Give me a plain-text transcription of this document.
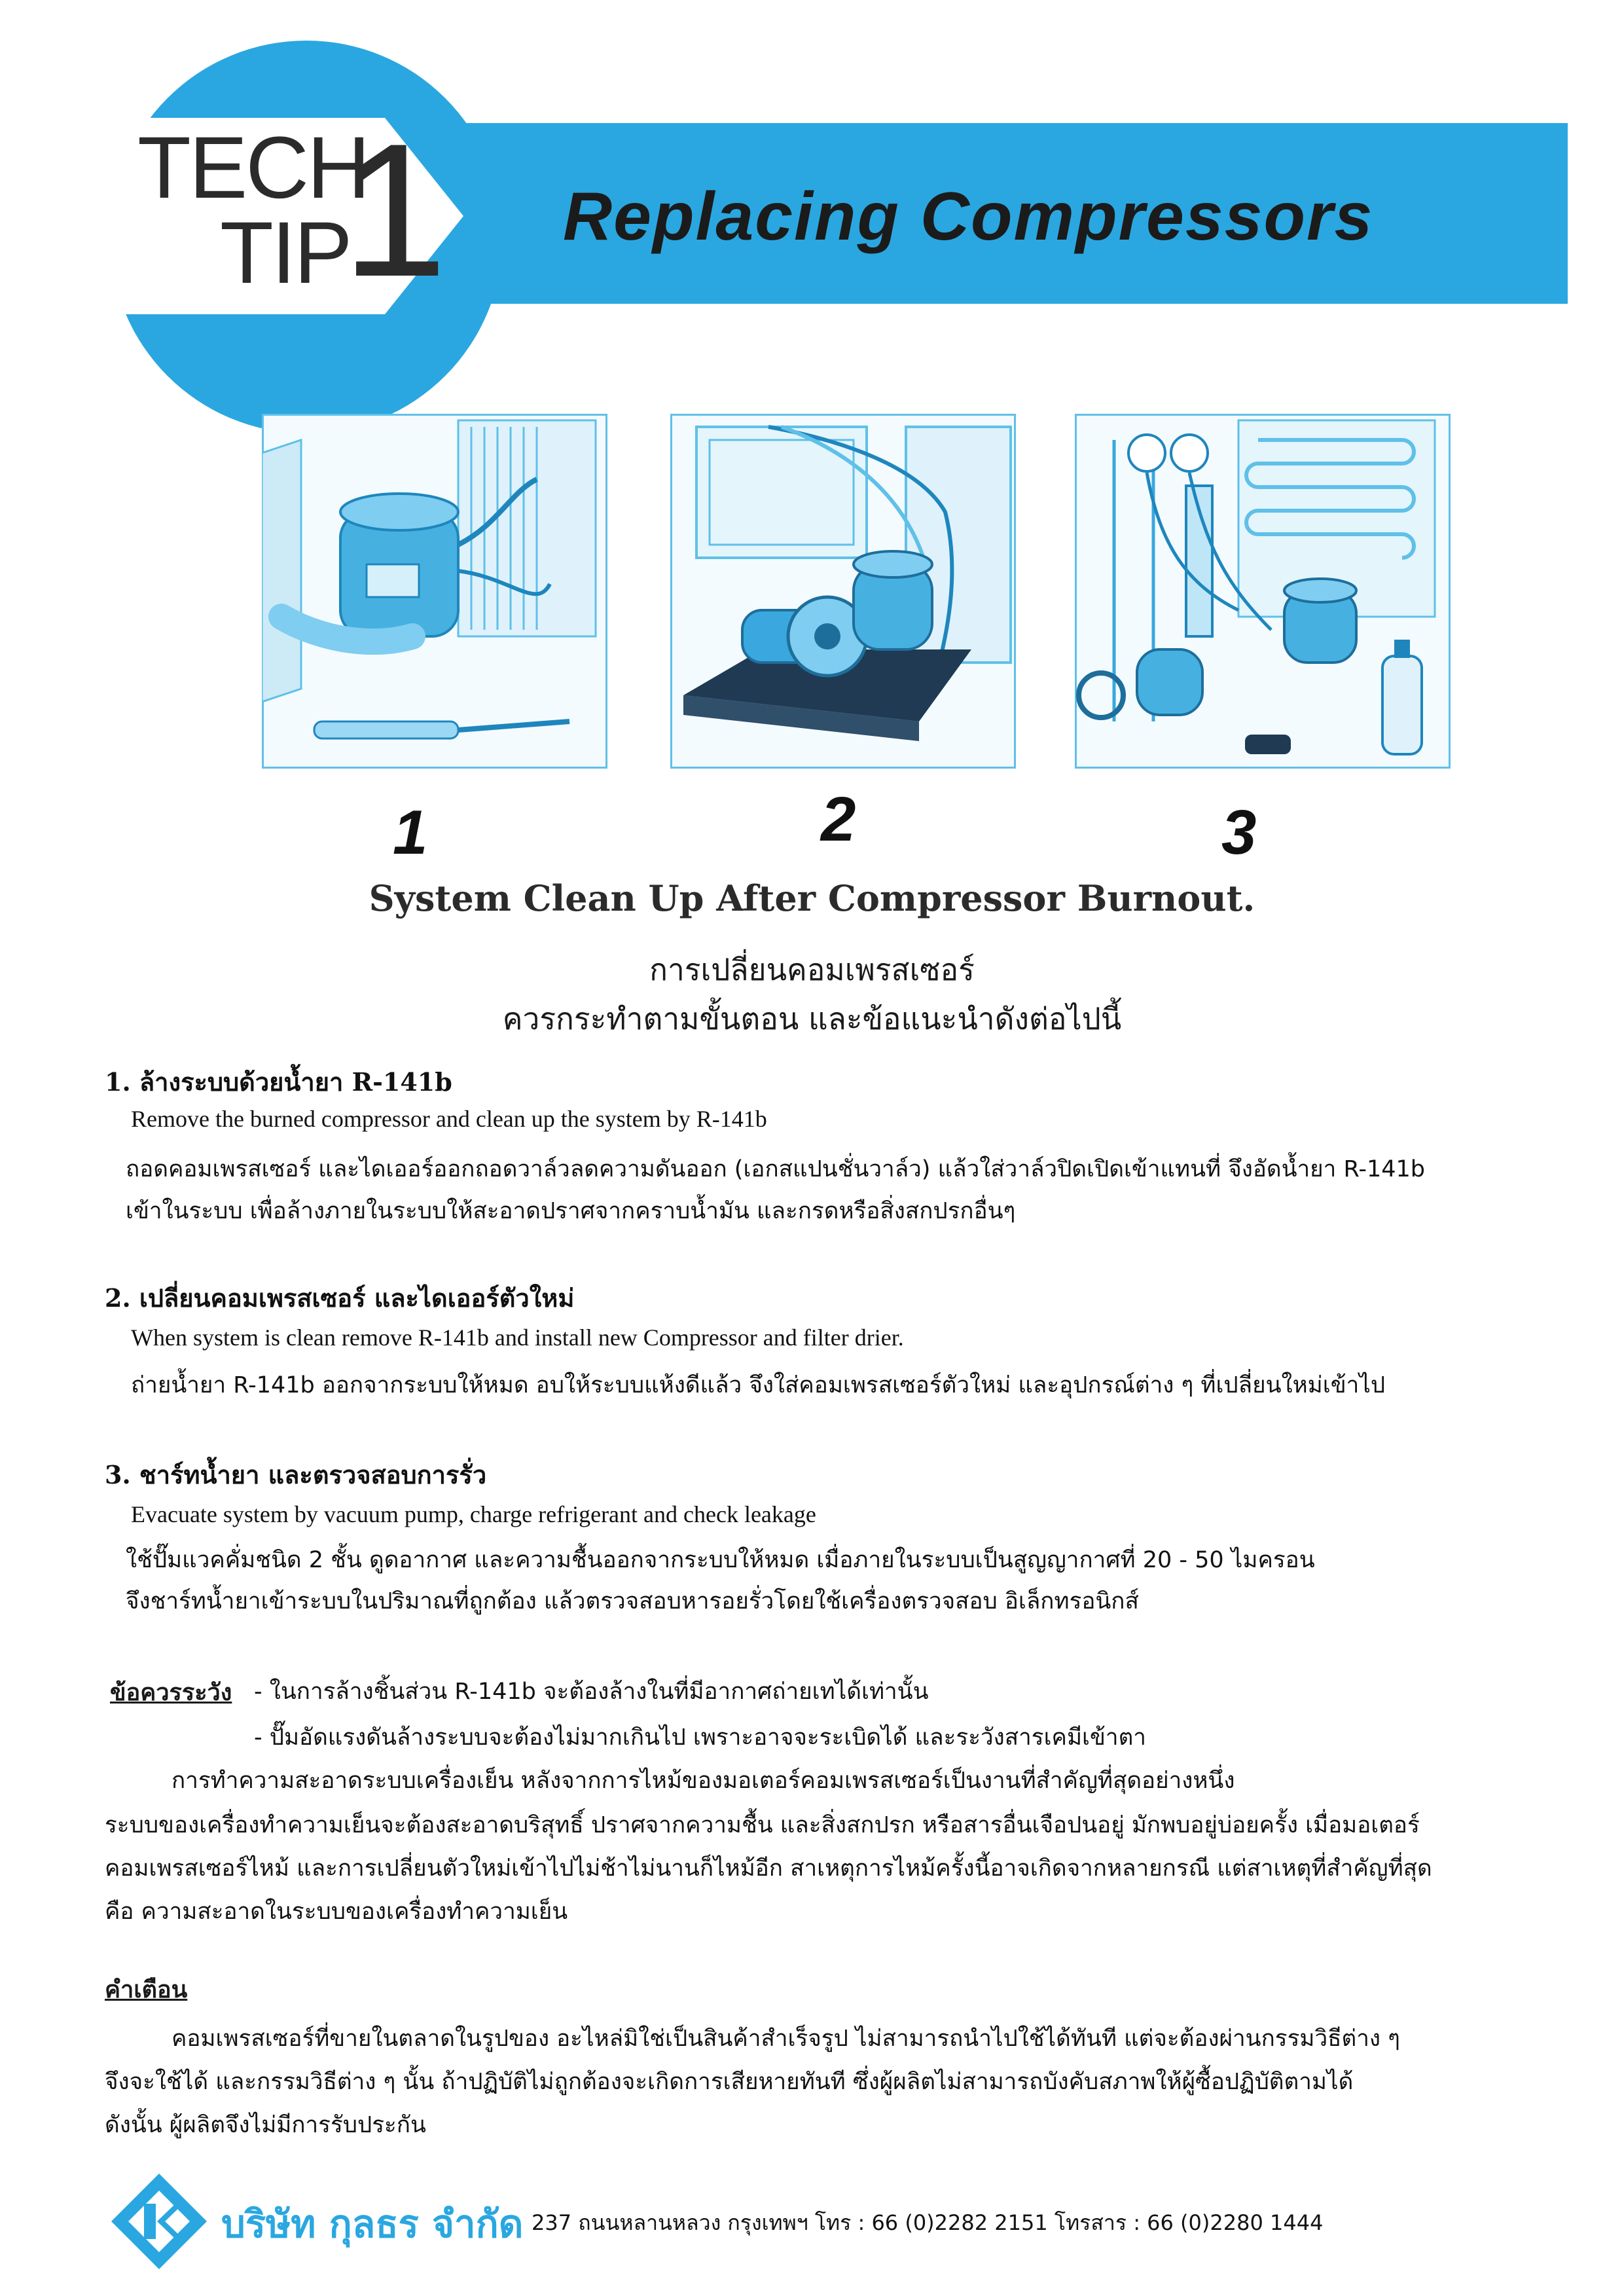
TECH
TIP
1 Replacing Compressors
1	2	3
System Clean Up After Compressor Burnout.
การเปลี่ยนคอมเพรสเซอร์
ควรกระทำตามขั้นตอน และข้อแนะนำดังต่อไปนี้
1. ล้างระบบด้วยน้ำยา R-141b
Remove the burned compressor and clean up the system by R-141b
ถอดคอมเพรสเซอร์ และไดเออร์ออกถอดวาล์วลดความดันออก (เอกสแปนชั่นวาล์ว) แล้วใส่วาล์วปิดเปิดเข้าแทนที่ จึงอัดน้ำยา R-141b
เข้าในระบบ เพื่อล้างภายในระบบให้สะอาดปราศจากคราบน้ำมัน และกรดหรือสิ่งสกปรกอื่นๆ
2. เปลี่ยนคอมเพรสเซอร์ และไดเออร์ตัวใหม่
When system is clean remove R-141b and install new Compressor and filter drier.
ถ่ายน้ำยา R-141b ออกจากระบบให้หมด อบให้ระบบแห้งดีแล้ว จึงใส่คอมเพรสเซอร์ตัวใหม่ และอุปกรณ์ต่าง ๆ ที่เปลี่ยนใหม่เข้าไป
3. ชาร์ทน้ำยา และตรวจสอบการรั่ว
Evacuate system by vacuum pump, charge refrigerant and check leakage
ใช้ปั๊มแวคคั่มชนิด 2 ชั้น ดูดอากาศ และความชื้นออกจากระบบให้หมด เมื่อภายในระบบเป็นสูญญากาศที่ 20 - 50 ไมครอน
จึงชาร์ทน้ำยาเข้าระบบในปริมาณที่ถูกต้อง แล้วตรวจสอบหารอยรั่วโดยใช้เครื่องตรวจสอบ อิเล็กทรอนิกส์
ข้อควรระวัง - ในการล้างชิ้นส่วน R-141b จะต้องล้างในที่มีอากาศถ่ายเทได้เท่านั้น
- ปั๊มอัดแรงดันล้างระบบจะต้องไม่มากเกินไป เพราะอาจจะระเบิดได้ และระวังสารเคมีเข้าตา
การทำความสะอาดระบบเครื่องเย็น หลังจากการไหม้ของมอเตอร์คอมเพรสเซอร์เป็นงานที่สำคัญที่สุดอย่างหนึ่ง
ระบบของเครื่องทำความเย็นจะต้องสะอาดบริสุทธิ์ ปราศจากความชื้น และสิ่งสกปรก หรือสารอื่นเจือปนอยู่ มักพบอยู่บ่อยครั้ง เมื่อมอเตอร์
คอมเพรสเซอร์ไหม้ และการเปลี่ยนตัวใหม่เข้าไปไม่ช้าไม่นานก็ไหม้อีก สาเหตุการไหม้ครั้งนี้อาจเกิดจากหลายกรณี แต่สาเหตุที่สำคัญที่สุด
คือ ความสะอาดในระบบของเครื่องทำความเย็น
คำเตือน
คอมเพรสเซอร์ที่ขายในตลาดในรูปของ อะไหล่มิใช่เป็นสินค้าสำเร็จรูป ไม่สามารถนำไปใช้ได้ทันที แต่จะต้องผ่านกรรมวิธีต่าง ๆ
จึงจะใช้ได้ และกรรมวิธีต่าง ๆ นั้น ถ้าปฏิบัติไม่ถูกต้องจะเกิดการเสียหายทันที ซึ่งผู้ผลิตไม่สามารถบังคับสภาพให้ผู้ซื้อปฏิบัติตามได้
ดังนั้น ผู้ผลิตจึงไม่มีการรับประกัน
บริษัท กุลธร จำกัด 237 ถนนหลานหลวง กรุงเทพฯ โทร : 66 (0)2282 2151 โทรสาร : 66 (0)2280 1444
